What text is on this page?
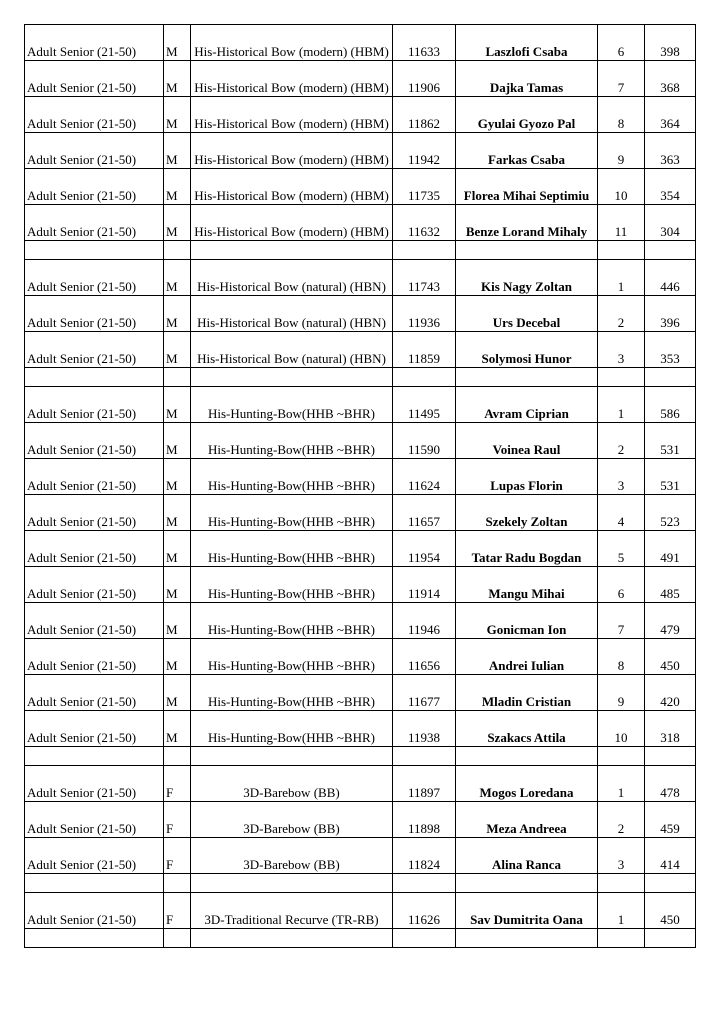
Adult Senior (21-50)	M	His-Historical Bow (modern) (HBM)	11633	Laszlofi Csaba	6	398
Adult Senior (21-50)	M	His-Historical Bow (modern) (HBM)	11906	Dajka Tamas	7	368
Adult Senior (21-50)	M	His-Historical Bow (modern) (HBM)	11862	Gyulai Gyozo Pal	8	364
Adult Senior (21-50)	M	His-Historical Bow (modern) (HBM)	11942	Farkas Csaba	9	363
Adult Senior (21-50)	M	His-Historical Bow (modern) (HBM)	11735	Florea Mihai Septimiu	10	354
Adult Senior (21-50)	M	His-Historical Bow (modern) (HBM)	11632	Benze Lorand Mihaly	11	304

Adult Senior (21-50)	M	His-Historical Bow (natural) (HBN)	11743	Kis Nagy Zoltan	1	446
Adult Senior (21-50)	M	His-Historical Bow (natural) (HBN)	11936	Urs Decebal	2	396
Adult Senior (21-50)	M	His-Historical Bow (natural) (HBN)	11859	Solymosi Hunor	3	353

Adult Senior (21-50)	M	His-Hunting-Bow(HHB ~BHR)	11495	Avram Ciprian	1	586
Adult Senior (21-50)	M	His-Hunting-Bow(HHB ~BHR)	11590	Voinea Raul	2	531
Adult Senior (21-50)	M	His-Hunting-Bow(HHB ~BHR)	11624	Lupas Florin	3	531
Adult Senior (21-50)	M	His-Hunting-Bow(HHB ~BHR)	11657	Szekely Zoltan	4	523
Adult Senior (21-50)	M	His-Hunting-Bow(HHB ~BHR)	11954	Tatar Radu Bogdan	5	491
Adult Senior (21-50)	M	His-Hunting-Bow(HHB ~BHR)	11914	Mangu Mihai	6	485
Adult Senior (21-50)	M	His-Hunting-Bow(HHB ~BHR)	11946	Gonicman Ion	7	479
Adult Senior (21-50)	M	His-Hunting-Bow(HHB ~BHR)	11656	Andrei Iulian	8	450
Adult Senior (21-50)	M	His-Hunting-Bow(HHB ~BHR)	11677	Mladin Cristian	9	420
Adult Senior (21-50)	M	His-Hunting-Bow(HHB ~BHR)	11938	Szakacs Attila	10	318

Adult Senior (21-50)	F	3D-Barebow (BB)	11897	Mogos Loredana	1	478
Adult Senior (21-50)	F	3D-Barebow (BB)	11898	Meza Andreea	2	459
Adult Senior (21-50)	F	3D-Barebow (BB)	11824	Alina Ranca	3	414

Adult Senior (21-50)	F	3D-Traditional Recurve (TR-RB)	11626	Sav Dumitrita Oana	1	450
